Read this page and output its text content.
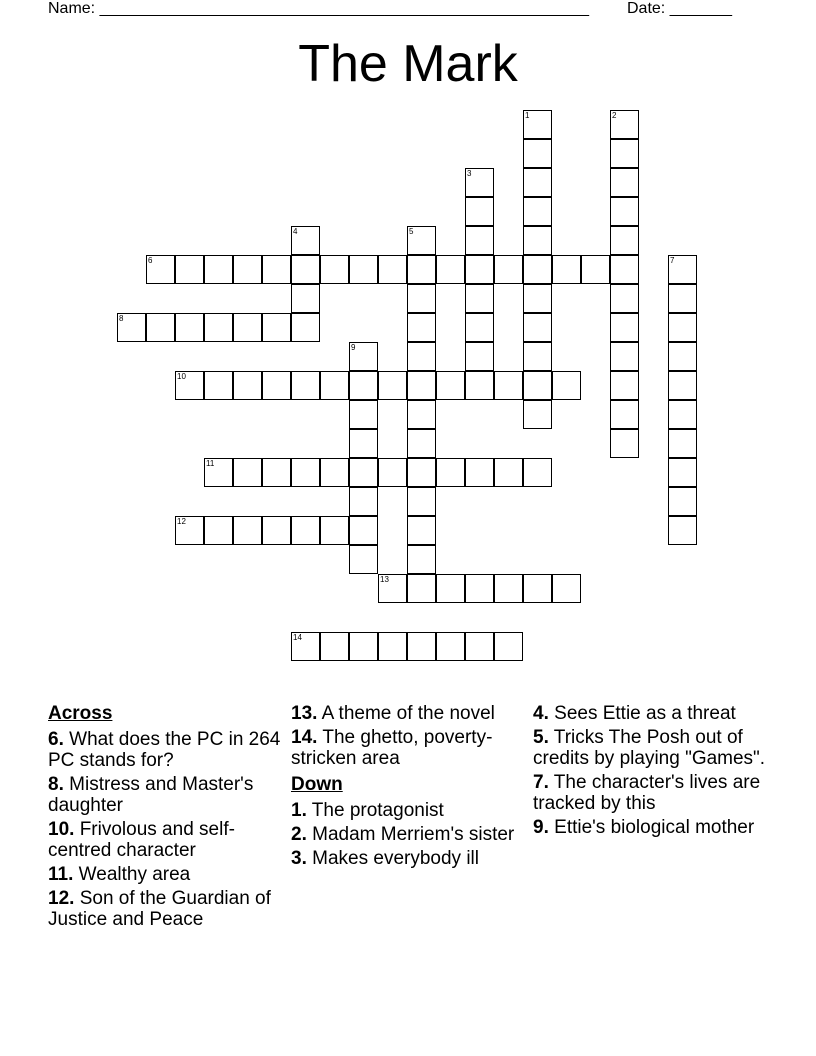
Name: _______________________________________________________ Date: _______
The Mark
1	2
3
4	5
6	7
8
9
10
11
12
13
14
Across
6. What does the PC in 264 PC stands for?
8. Mistress and Master's daughter
10. Frivolous and self-centred character
11. Wealthy area
12. Son of the Guardian of Justice and Peace
13. A theme of the novel
14. The ghetto, poverty-stricken area
Down
1. The protagonist
2. Madam Merriem's sister
3. Makes everybody ill
4. Sees Ettie as a threat
5. Tricks The Posh out of credits by playing "Games".
7. The character's lives are tracked by this
9. Ettie's biological mother
